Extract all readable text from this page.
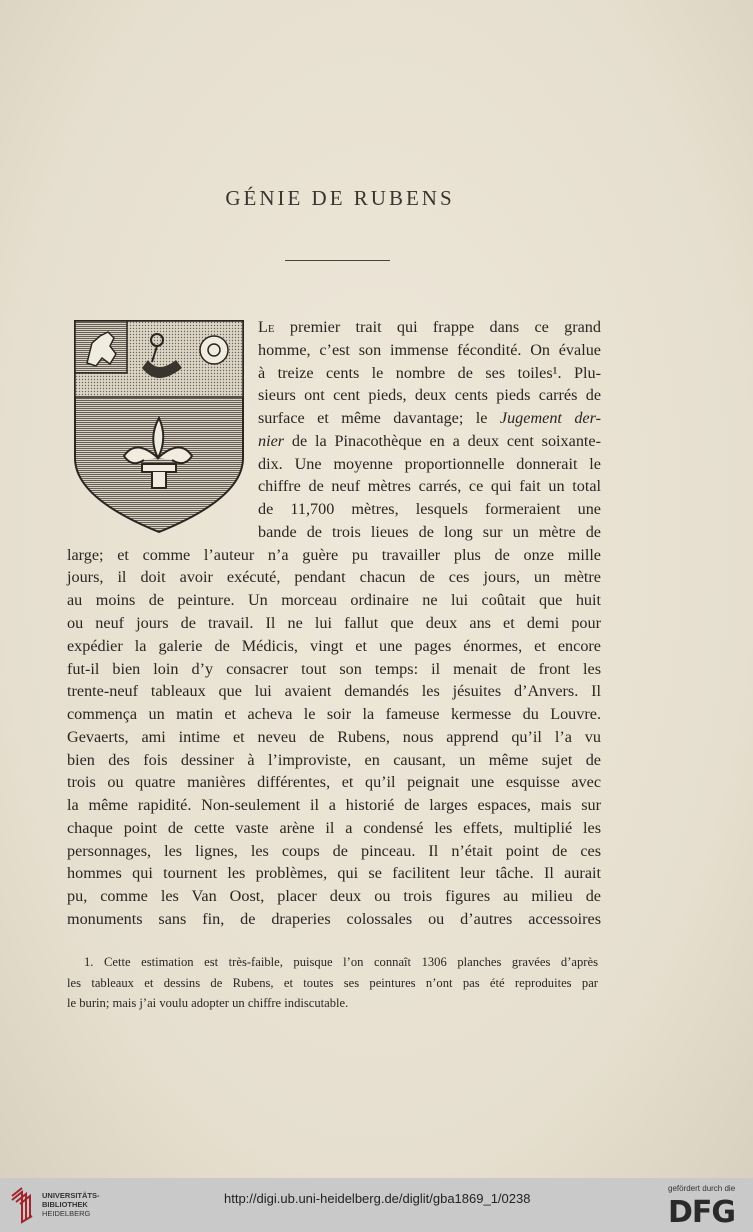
GÉNIE DE RUBENS
Le premier trait qui frappe dans ce grand
homme, c’est son immense fécondité. On évalue
à treize cents le nombre de ses toiles¹. Plu-
sieurs ont cent pieds, deux cents pieds carrés de
surface et même davantage; le Jugement der-
nier de la Pinacothèque en a deux cent soixante-
dix. Une moyenne proportionnelle donnerait le
chiffre de neuf mètres carrés, ce qui fait un total
de 11,700 mètres, lesquels formeraient une
bande de trois lieues de long sur un mètre de
large; et comme l’auteur n’a guère pu travailler plus de onze mille
jours, il doit avoir exécuté, pendant chacun de ces jours, un mètre
au moins de peinture. Un morceau ordinaire ne lui coûtait que huit
ou neuf jours de travail. Il ne lui fallut que deux ans et demi pour
expédier la galerie de Médicis, vingt et une pages énormes, et encore
fut-il bien loin d’y consacrer tout son temps: il menait de front les
trente-neuf tableaux que lui avaient demandés les jésuites d’Anvers. Il
commença un matin et acheva le soir la fameuse kermesse du Louvre.
Gevaerts, ami intime et neveu de Rubens, nous apprend qu’il l’a vu
bien des fois dessiner à l’improviste, en causant, un même sujet de
trois ou quatre manières différentes, et qu’il peignait une esquisse avec
la même rapidité. Non-seulement il a historié de larges espaces, mais sur
chaque point de cette vaste arène il a condensé les effets, multiplié les
personnages, les lignes, les coups de pinceau. Il n’était point de ces
hommes qui tournent les problèmes, qui se facilitent leur tâche. Il aurait
pu, comme les Van Oost, placer deux ou trois figures au milieu de
monuments sans fin, de draperies colossales ou d’autres accessoires
1. Cette estimation est très-faible, puisque l’on connaît 1306 planches gravées d’après
les tableaux et dessins de Rubens, et toutes ses peintures n’ont pas été reproduites par
le burin; mais j’ai voulu adopter un chiffre indiscutable.
UNIVERSITÄTS-
BIBLIOTHEK
HEIDELBERG
http://digi.ub.uni-heidelberg.de/diglit/gba1869_1/0238
gefördert durch die
DFG
